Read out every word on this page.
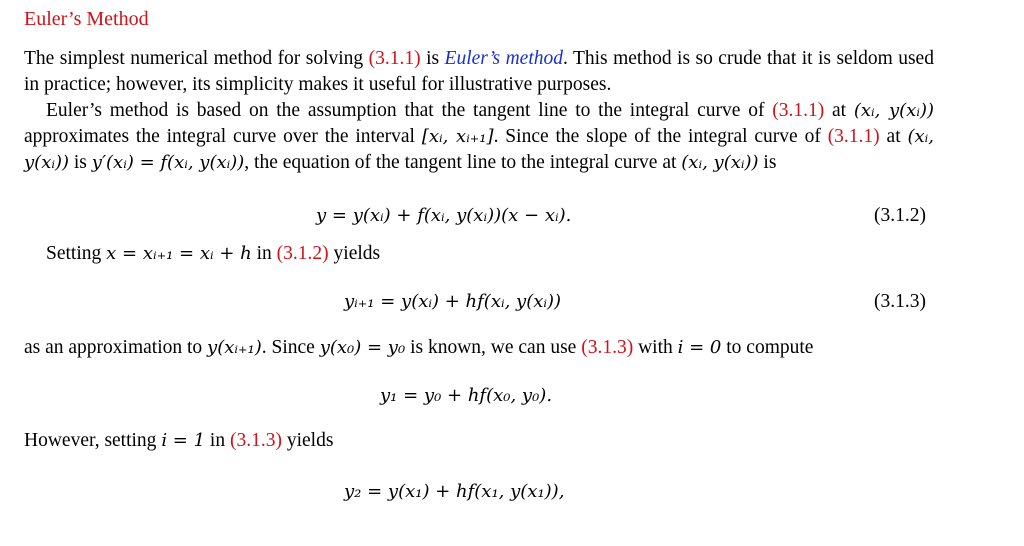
Euler’s Method
The simplest numerical method for solving (3.1.1) is Euler’s method. This method is so crude that it is seldom used in practice; however, its simplicity makes it useful for illustrative purposes.
Euler’s method is based on the assumption that the tangent line to the integral curve of (3.1.1) at (xᵢ, y(xᵢ)) approximates the integral curve over the interval [xᵢ, xᵢ₊₁]. Since the slope of the integral curve of (3.1.1) at (xᵢ, y(xᵢ)) is y′(xᵢ) = f(xᵢ, y(xᵢ)), the equation of the tangent line to the integral curve at (xᵢ, y(xᵢ)) is
y = y(xᵢ) + f(xᵢ, y(xᵢ))(x − xᵢ).	(3.1.2)
Setting x = xᵢ₊₁ = xᵢ + h in (3.1.2) yields
yᵢ₊₁ = y(xᵢ) + hf(xᵢ, y(xᵢ))	(3.1.3)
as an approximation to y(xᵢ₊₁). Since y(x₀) = y₀ is known, we can use (3.1.3) with i = 0 to compute
y₁ = y₀ + hf(x₀, y₀).
However, setting i = 1 in (3.1.3) yields
y₂ = y(x₁) + hf(x₁, y(x₁)),
